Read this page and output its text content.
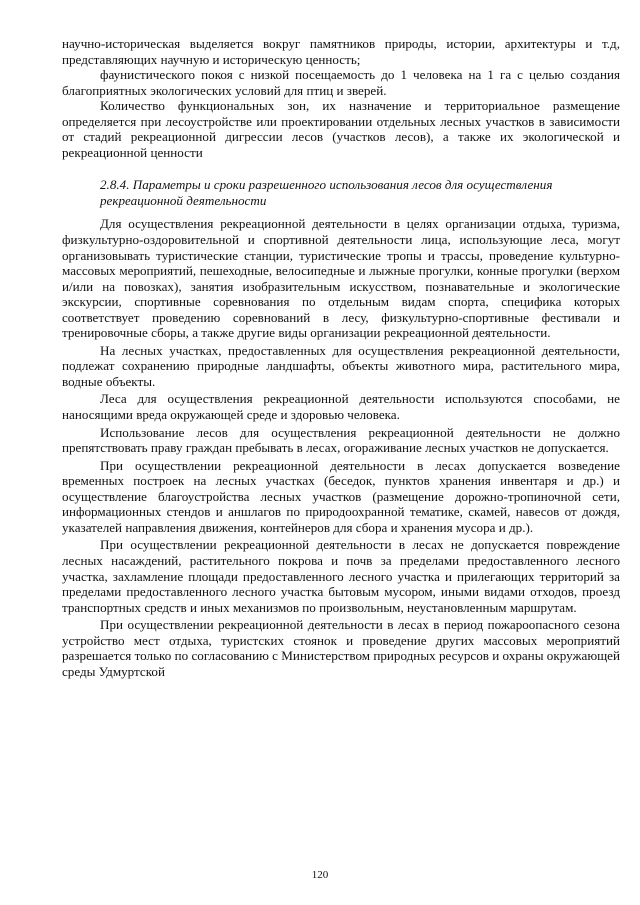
научно-историческая выделяется вокруг памятников природы, истории, архитектуры и т.д, представляющих научную и историческую ценность;

фаунистического покоя с низкой посещаемость до 1 человека на 1 га с целью создания благоприятных экологических условий для птиц и зверей.

Количество функциональных зон, их назначение и территориальное размещение определяется при лесоустройстве или проектировании отдельных лесных участков в зависимости от стадий рекреационной дигрессии лесов (участков лесов), а также их экологической и рекреационной ценности

2.8.4. Параметры и сроки разрешенного использования лесов для осуществления рекреационной деятельности

Для осуществления рекреационной деятельности в целях организации отдыха, туризма, физкультурно-оздоровительной и спортивной деятельности лица, использующие леса, могут организовывать туристические станции, туристические тропы и трассы, проведение культурно-массовых мероприятий, пешеходные, велосипедные и лыжные прогулки, конные прогулки (верхом и/или на повозках), занятия изобразительным искусством, познавательные и экологические экскурсии, спортивные соревнования по отдельным видам спорта, специфика которых соответствует проведению соревнований в лесу, физкультурно-спортивные фестивали и тренировочные сборы, а также другие виды организации рекреационной деятельности.

На лесных участках, предоставленных для осуществления рекреационной деятельности, подлежат сохранению природные ландшафты, объекты животного мира, растительного мира, водные объекты.

Леса для осуществления рекреационной деятельности используются способами, не наносящими вреда окружающей среде и здоровью человека.

Использование лесов для осуществления рекреационной деятельности не должно препятствовать праву граждан пребывать в лесах, огораживание лесных участков не допускается.

При осуществлении рекреационной деятельности в лесах допускается возведение временных построек на лесных участках (беседок, пунктов хранения инвентаря и др.) и осуществление благоустройства лесных участков (размещение дорожно-тропиночной сети, информационных стендов и аншлагов по природоохранной тематике, скамей, навесов от дождя, указателей направления движения, контейнеров для сбора и хранения мусора и др.).

При осуществлении рекреационной деятельности в лесах не допускается повреждение лесных насаждений, растительного покрова и почв за пределами предоставленного лесного участка, захламление площади предоставленного лесного участка и прилегающих территорий за пределами предоставленного лесного участка бытовым мусором, иными видами отходов, проезд транспортных средств и иных механизмов по произвольным, неустановленным маршрутам.

При осуществлении рекреационной деятельности в лесах в период пожароопасного сезона устройство мест отдыха, туристских стоянок и проведение других массовых мероприятий разрешается только по согласованию с Министерством природных ресурсов и охраны окружающей среды Удмуртской

120
